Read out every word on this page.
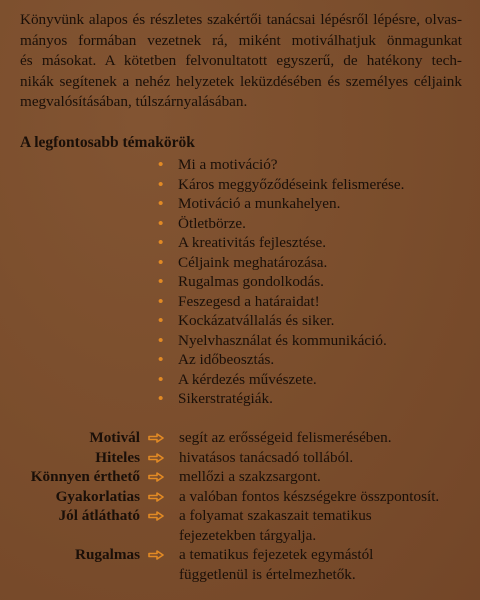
Könyvünk alapos és részletes szakértői tanácsai lépésről lépésre, olvas-
mányos formában vezetnek rá, miként motiválhatjuk önmagunkat
és másokat. A kötetben felvonultatott egyszerű, de hatékony tech-
nikák segítenek a nehéz helyzetek leküzdésében és személyes céljaink
megvalósításában, túlszárnyalásában.
A legfontosabb témakörök
• Mi a motiváció?
• Káros meggyőződéseink felismerése.
• Motiváció a munkahelyen.
• Ötletbörze.
• A kreativitás fejlesztése.
• Céljaink meghatározása.
• Rugalmas gondolkodás.
• Feszegesd a határaidat!
• Kockázatvállalás és siker.
• Nyelvhasználat és kommunikáció.
• Az időbeosztás.
• A kérdezés művészete.
• Sikerstratégiák.
Motivál	segít az erősségeid felismerésében.
Hiteles	hivatásos tanácsadó tollából.
Könnyen érthető	mellőzi a szakzsargont.
Gyakorlatias	a valóban fontos készségekre összpontosít.
Jól átlátható	a folyamat szakaszait tematikus
fejezetekben tárgyalja.
Rugalmas	a tematikus fejezetek egymástól
függetlenül is értelmezhetők.
